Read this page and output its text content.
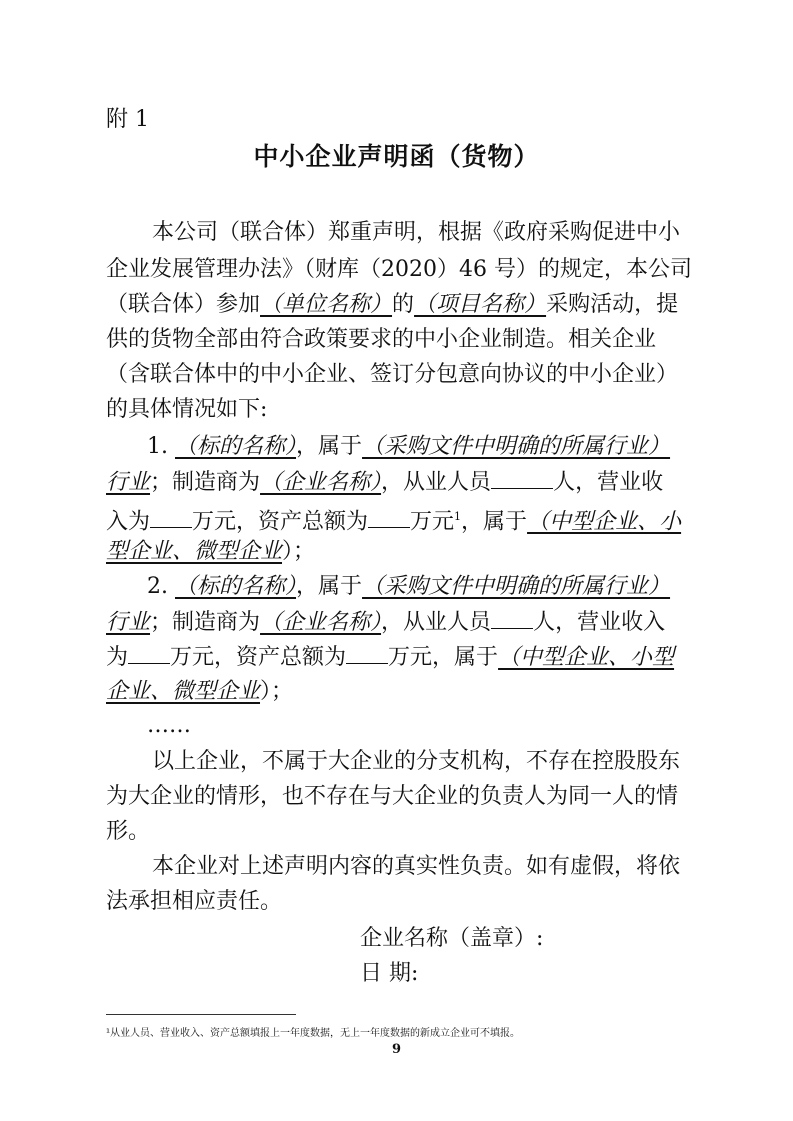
附 1
中小企业声明函（货物）
本公司（联合体）郑重声明，根据《政府采购促进中小
企业发展管理办法》（财库（2020）46 号）的规定，本公司
（联合体）参加（单位名称）的（项目名称）采购活动，提
供的货物全部由符合政策要求的中小企业制造。相关企业
（含联合体中的中小企业、签订分包意向协议的中小企业）
的具体情况如下:
1. （标的名称），属于（采购文件中明确的所属行业）
行业；制造商为（企业名称），从业人员	人，营业收
入为 万元，资产总额为 万元$^1$，属于（中型企业、小
型企业、微型企业）；
2. （标的名称），属于（采购文件中明确的所属行业）
行业；制造商为（企业名称），从业人员 人，营业收入
为 万元，资产总额为 万元，属于（中型企业、小型
企业、微型企业）；
……
以上企业，不属于大企业的分支机构，不存在控股股东
为大企业的情形，也不存在与大企业的负责人为同一人的情
形。
本企业对上述声明内容的真实性负责。如有虚假，将依
法承担相应责任。
企业名称（盖章）:
日 期:
¹从业人员、营业收入、资产总额填报上一年度数据，无上一年度数据的新成立企业可不填报。
9
